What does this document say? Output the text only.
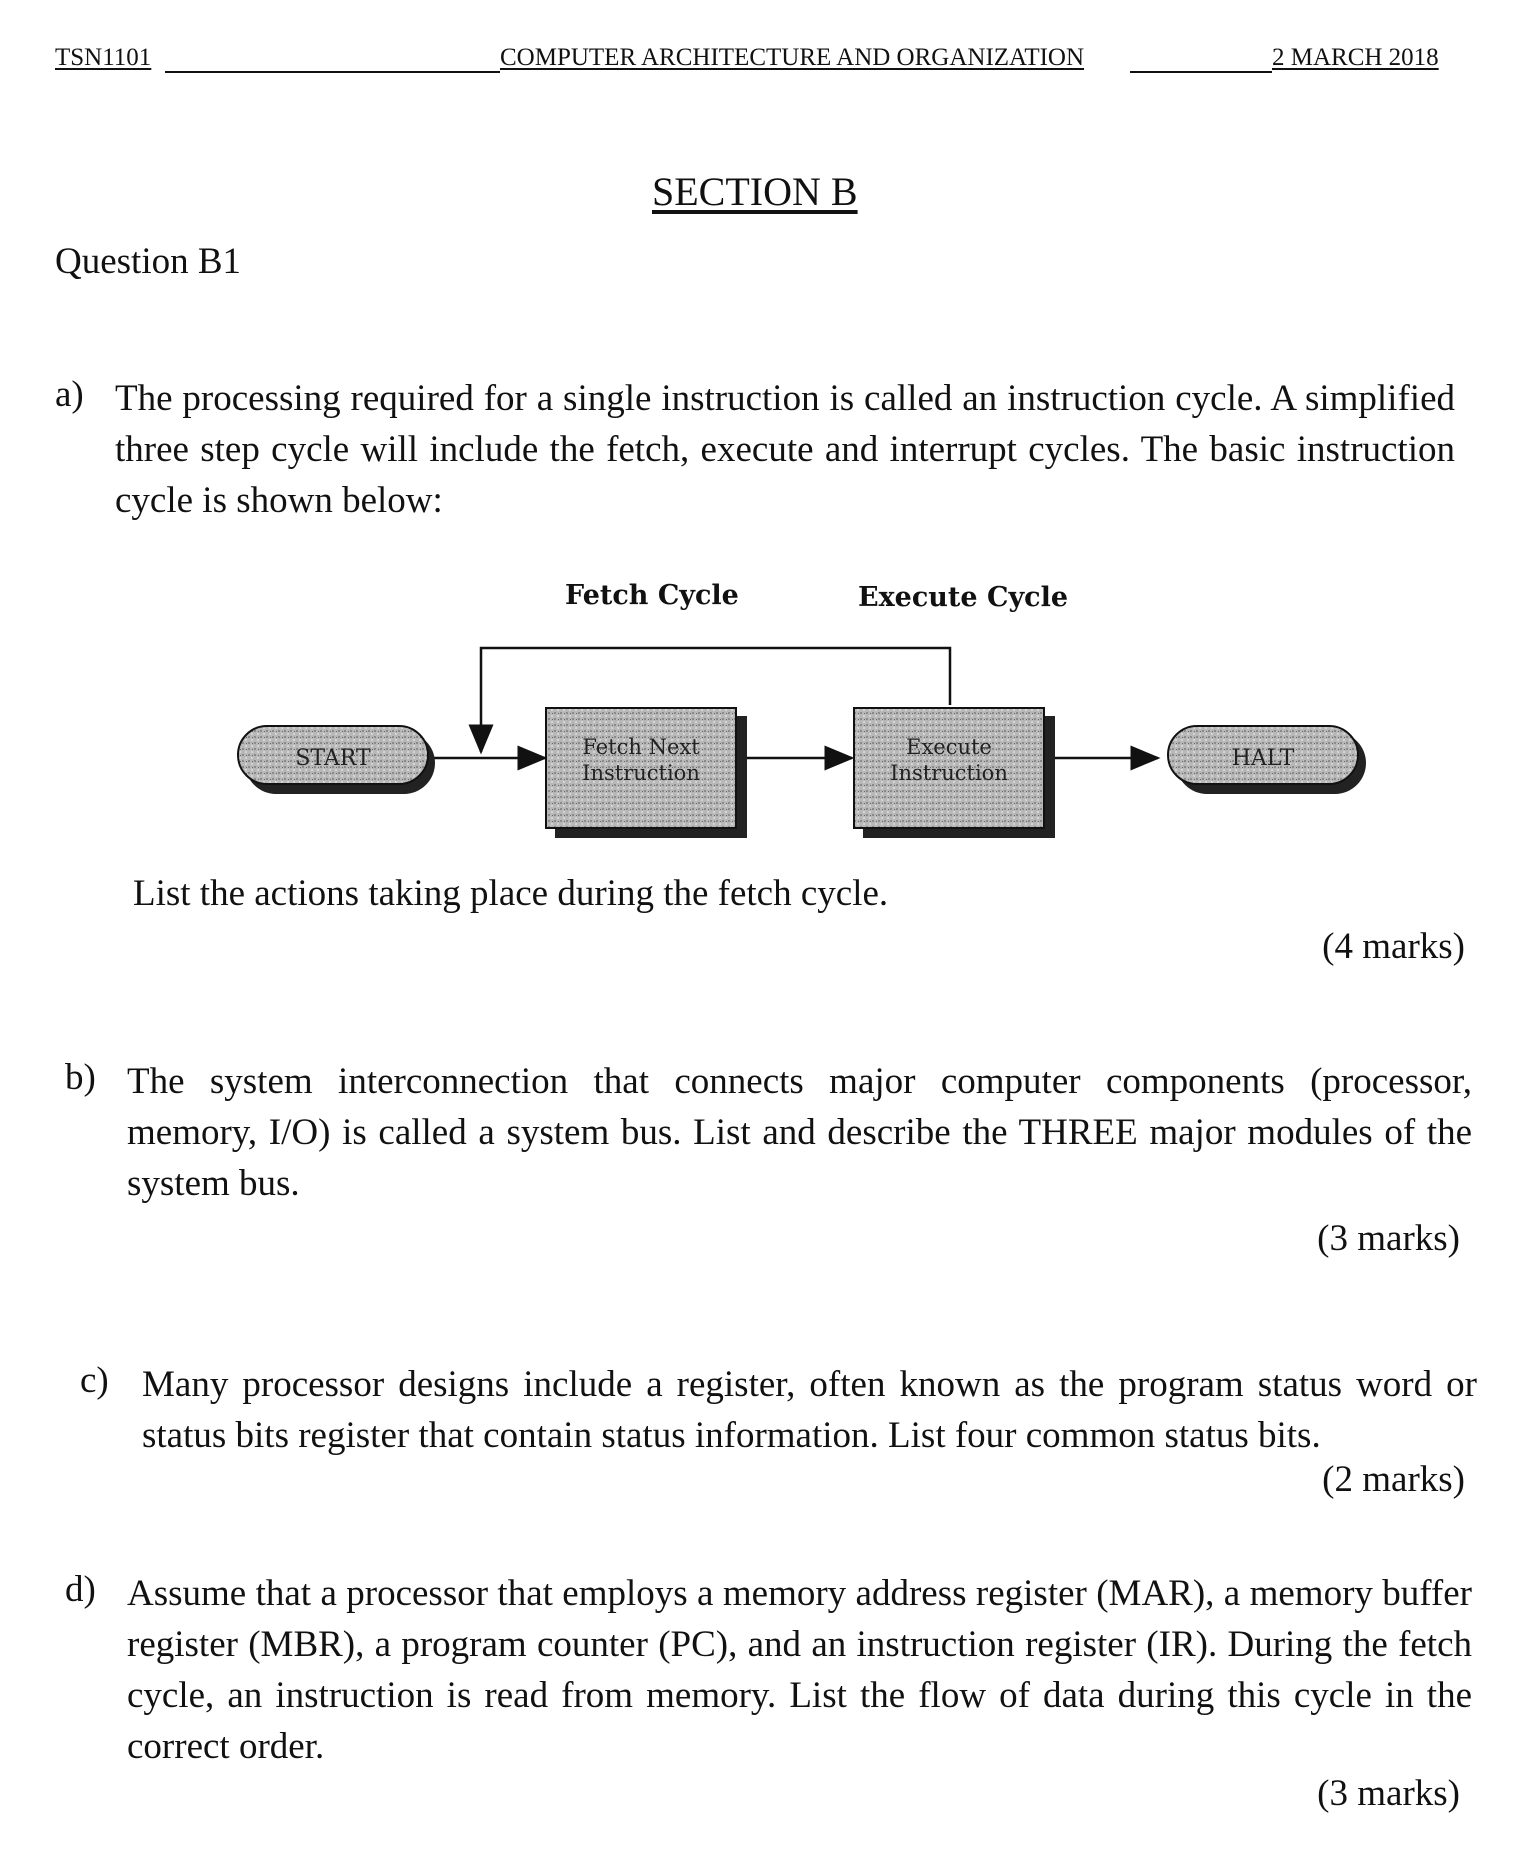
TSN1101	COMPUTER ARCHITECTURE AND ORGANIZATION	2 MARCH 2018
SECTION B
Question B1
a) The processing required for a single instruction is called an instruction cycle. A simplified three step cycle will include the fetch, execute and interrupt cycles. The basic instruction cycle is shown below:
Fetch Cycle	Execute Cycle
START	Fetch Next
Instruction
Execute
Instruction
HALT
List the actions taking place during the fetch cycle.
(4 marks)
b) The system interconnection that connects major computer components (processor, memory, I/O) is called a system bus. List and describe the THREE major modules of the system bus.
(3 marks)
c) Many processor designs include a register, often known as the program status word or status bits register that contain status information. List four common status bits.
(2 marks)
d) Assume that a processor that employs a memory address register (MAR), a memory buffer register (MBR), a program counter (PC), and an instruction register (IR). During the fetch cycle, an instruction is read from memory. List the flow of data during this cycle in the correct order.
(3 marks)
